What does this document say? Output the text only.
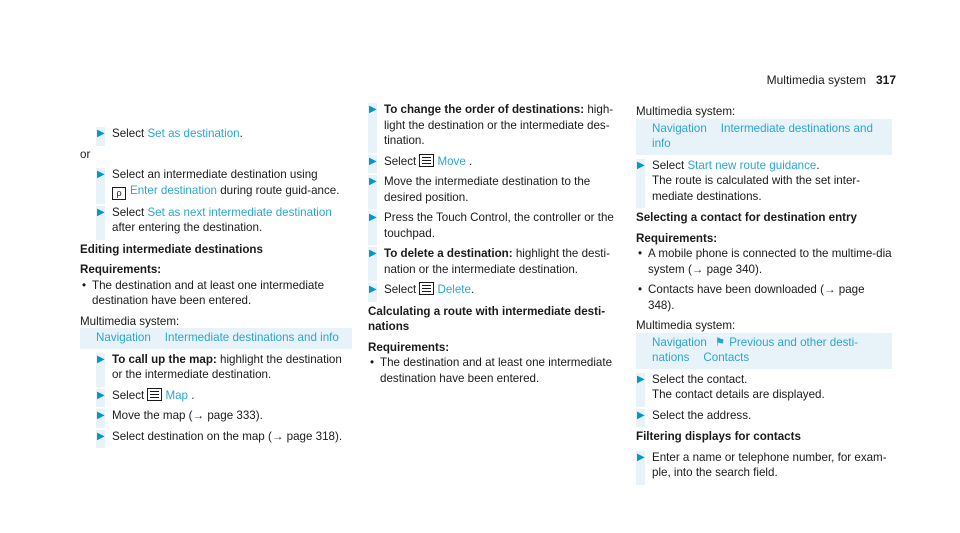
Multimedia system 317
▶ Select Set as destination.
or
▶ Select an intermediate destination using
ρ Enter destination during route guid-ance.
▶ Select Set as next intermediate destination
after entering the destination.
Editing intermediate destinations
Requirements:
• The destination and at least one intermediate destination have been entered.
Multimedia system:
Navigation Intermediate destinations and info
▶ To call up the map: highlight the destination or the intermediate destination.
▶ Select Map .
▶ Move the map (→ page 333).
▶ Select destination on the map (→ page 318).
▶ To change the order of destinations: high-light the destination or the intermediate des-tination.
▶ Select Move .
▶ Move the intermediate destination to the desired position.
▶ Press the Touch Control, the controller or the touchpad.
▶ To delete a destination: highlight the desti-nation or the intermediate destination.
▶ Select Delete.
Calculating a route with intermediate desti-nations
Requirements:
• The destination and at least one intermediate destination have been entered.
Multimedia system:
Navigation Intermediate destinations and info
▶ Select Start new route guidance.
The route is calculated with the set inter-mediate destinations.
Selecting a contact for destination entry
Requirements:
• A mobile phone is connected to the multime-dia system (→ page 340).
• Contacts have been downloaded (→ page 348).
Multimedia system:
Navigation ⚑ Previous and other desti-nations Contacts
▶ Select the contact.
The contact details are displayed.
▶ Select the address.
Filtering displays for contacts
▶ Enter a name or telephone number, for exam-ple, into the search field.
